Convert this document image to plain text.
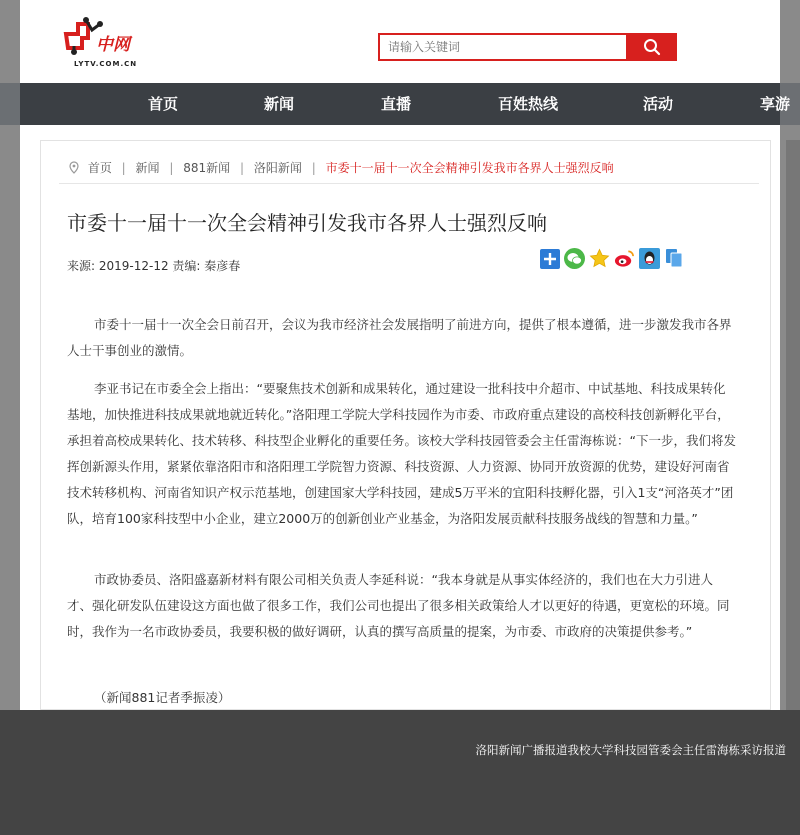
中网
LYTV.COM.CN
请输入关键词
首页	新闻	直播	百姓热线	活动	享游
首页 | 新闻 | 881新闻 | 洛阳新闻 | 市委十一届十一次全会精神引发我市各界人士强烈反响
市委十一届十一次全会精神引发我市各界人士强烈反响
来源: 2019-12-12 责编: 秦彦春

市委十一届十一次全会日前召开，会议为我市经济社会发展指明了前进方向，提供了根本遵循，进一步激发我市各界人士干事创业的激情。

李亚书记在市委全会上指出：“要聚焦技术创新和成果转化，通过建设一批科技中介超市、中试基地、科技成果转化基地，加快推进科技成果就地就近转化。”洛阳理工学院大学科技园作为市委、市政府重点建设的高校科技创新孵化平台，承担着高校成果转化、技术转移、科技型企业孵化的重要任务。该校大学科技园管委会主任雷海栋说：“下一步，我们将发挥创新源头作用，紧紧依靠洛阳市和洛阳理工学院智力资源、科技资源、人力资源、协同开放资源的优势，建设好河南省技术转移机构、河南省知识产权示范基地，创建国家大学科技园，建成5万平米的宜阳科技孵化器，引入1支“河洛英才”团队，培育100家科技型中小企业，建立2000万的创新创业产业基金，为洛阳发展贡献科技服务战线的智慧和力量。”

市政协委员、洛阳盛嘉新材料有限公司相关负责人李延科说：“我本身就是从事实体经济的，我们也在大力引进人才、强化研发队伍建设这方面也做了很多工作，我们公司也提出了很多相关政策给人才以更好的待遇，更宽松的环境。同时，我作为一名市政协委员，我要积极的做好调研，认真的撰写高质量的提案，为市委、市政府的决策提供参考。”

（新闻881记者季振凌）

洛阳新闻广播报道我校大学科技园管委会主任雷海栋采访报道
